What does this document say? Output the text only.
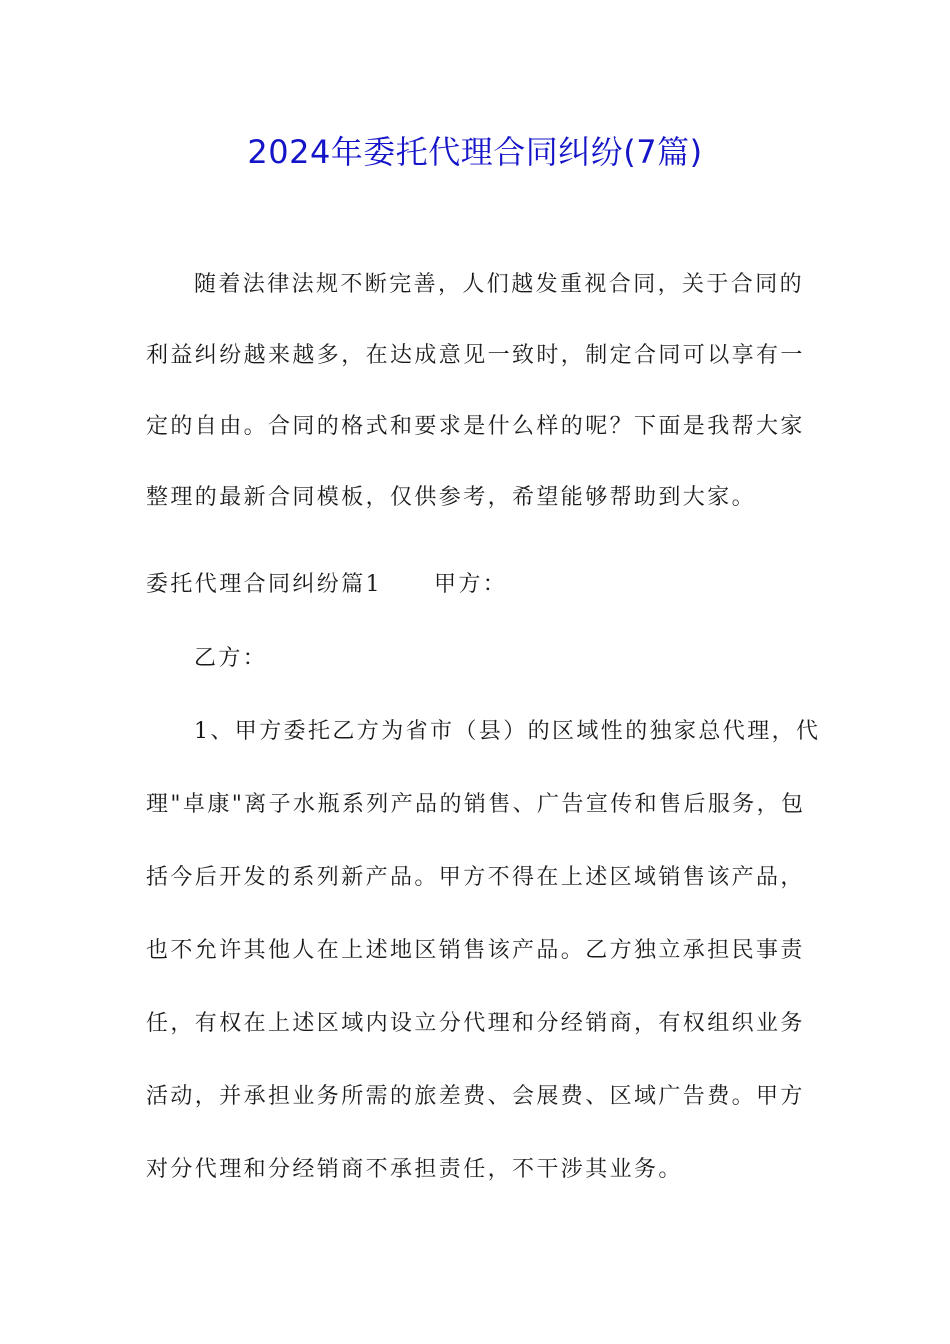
2024年委托代理合同纠纷(7篇)
随着法律法规不断完善，人们越发重视合同，关于合同的
利益纠纷越来越多，在达成意见一致时，制定合同可以享有一
定的自由。合同的格式和要求是什么样的呢？下面是我帮大家
整理的最新合同模板，仅供参考，希望能够帮助到大家。
委托代理合同纠纷篇1 甲方：
乙方：
1、甲方委托乙方为省市（县）的区域性的独家总代理，代
理"卓康"离子水瓶系列产品的销售、广告宣传和售后服务，包
括今后开发的系列新产品。甲方不得在上述区域销售该产品，
也不允许其他人在上述地区销售该产品。乙方独立承担民事责
任，有权在上述区域内设立分代理和分经销商，有权组织业务
活动，并承担业务所需的旅差费、会展费、区域广告费。甲方
对分代理和分经销商不承担责任，不干涉其业务。
